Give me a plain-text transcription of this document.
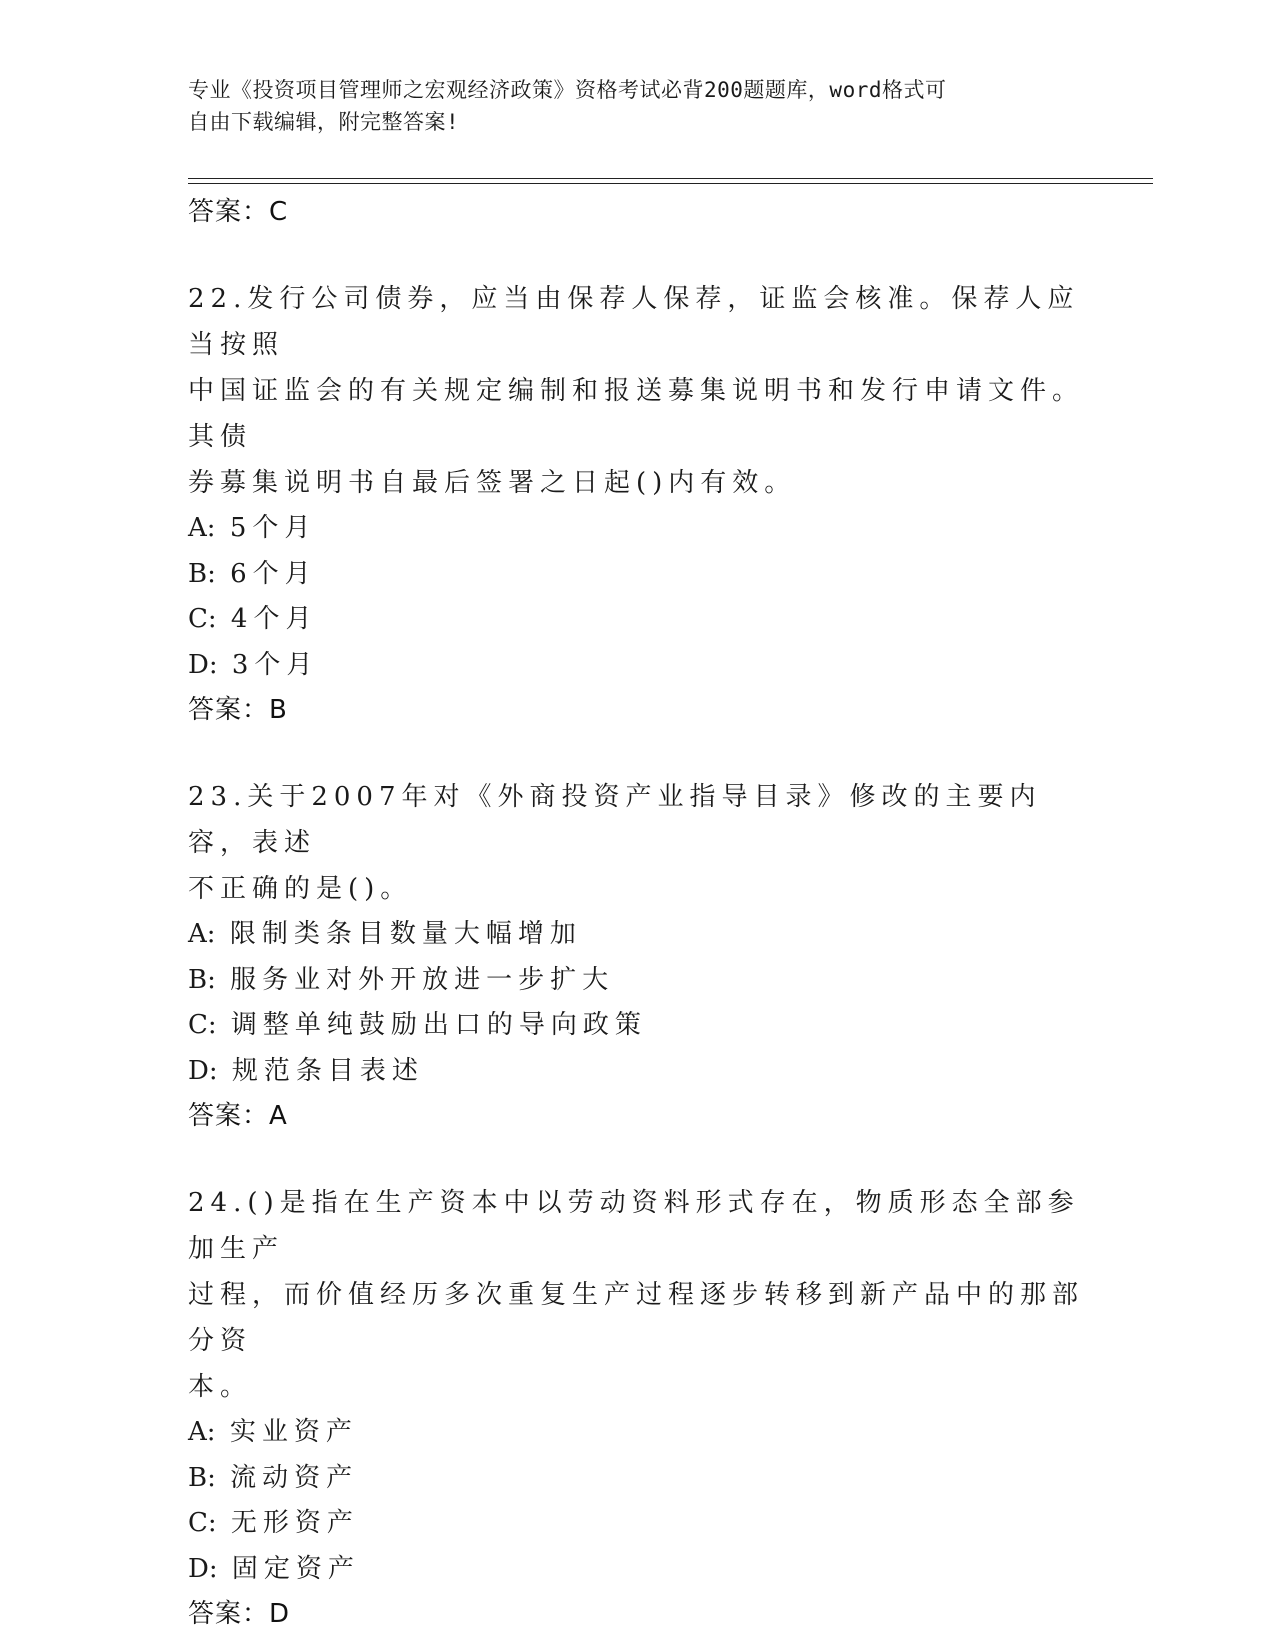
专业《投资项目管理师之宏观经济政策》资格考试必背200题题库，word格式可
自由下载编辑，附完整答案!
答案：C
22.发行公司债券，应当由保荐人保荐，证监会核准。保荐人应当按照
中国证监会的有关规定编制和报送募集说明书和发行申请文件。其债
券募集说明书自最后签署之日起()内有效。
A: 5个月
B: 6个月
C: 4个月
D: 3个月
答案：B
23.关于2007年对《外商投资产业指导目录》修改的主要内容，表述
不正确的是()。
A: 限制类条目数量大幅增加
B: 服务业对外开放进一步扩大
C: 调整单纯鼓励出口的导向政策
D: 规范条目表述
答案：A
24.()是指在生产资本中以劳动资料形式存在，物质形态全部参加生产
过程，而价值经历多次重复生产过程逐步转移到新产品中的那部分资
本。
A: 实业资产
B: 流动资产
C: 无形资产
D: 固定资产
答案：D
